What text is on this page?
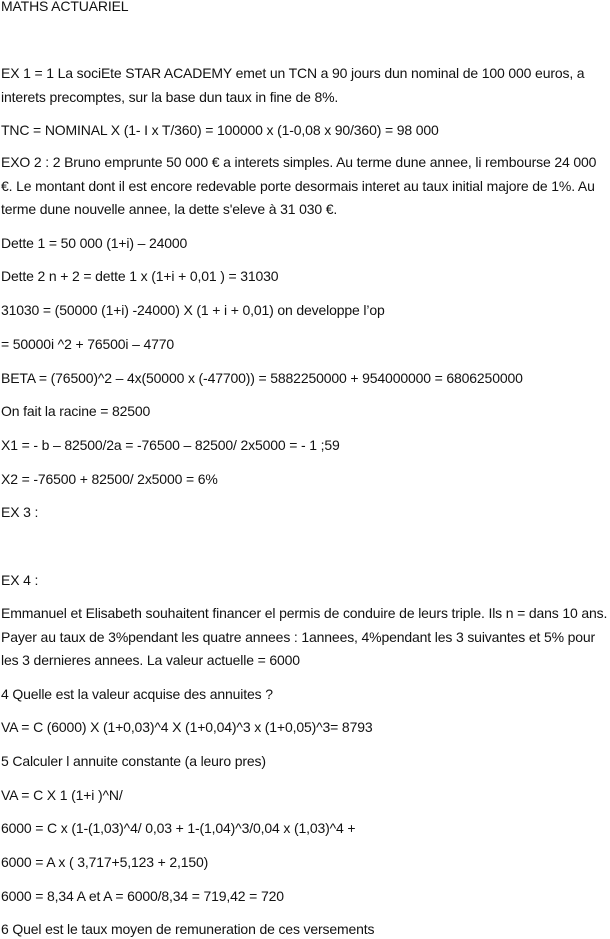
MATHS ACTUARIEL
EX 1 = 1 La sociEte STAR ACADEMY emet un TCN a 90 jours dun nominal de 100 000 euros, a interets precomptes, sur la base dun taux in fine de 8%.
TNC = NOMINAL X (1- I x T/360) = 100000 x (1-0,08 x 90/360) = 98 000
EXO 2 : 2 Bruno emprunte 50 000 € a interets simples. Au terme dune annee, li rembourse 24 000 €. Le montant dont il est encore redevable porte desormais interet au taux initial majore de 1%. Au terme dune nouvelle annee, la dette s'eleve à 31 030 €.
Dette 1 = 50 000 (1+i) – 24000
Dette 2 n + 2 = dette 1 x (1+i + 0,01 ) = 31030
31030 = (50000 (1+i) -24000) X (1 + i + 0,01) on developpe l’op
= 50000i ^2 + 76500i – 4770
BETA = (76500)^2 – 4x(50000 x (-47700)) = 5882250000 + 954000000 = 6806250000
On fait la racine = 82500
X1 = - b – 82500/2a = -76500 – 82500/ 2x5000 = - 1 ;59
X2 = -76500 + 82500/ 2x5000 = 6%
EX 3 :
EX 4 :
Emmanuel et Elisabeth souhaitent financer el permis de conduire de leurs triple. Ils n = dans 10 ans. Payer au taux de 3%pendant les quatre annees : 1annees, 4%pendant les 3 suivantes et 5% pour les 3 dernieres annees. La valeur actuelle = 6000
4 Quelle est la valeur acquise des annuites ?
VA = C (6000) X (1+0,03)^4 X (1+0,04)^3 x (1+0,05)^3= 8793
5 Calculer l annuite constante (a leuro pres)
VA = C X 1 (1+i )^N/
6000 = C x (1-(1,03)^4/ 0,03 + 1-(1,04)^3/0,04 x (1,03)^4 +
6000 = A x ( 3,717+5,123 + 2,150)
6000 = 8,34 A et A = 6000/8,34 = 719,42 = 720
6 Quel est le taux moyen de remuneration de ces versements
